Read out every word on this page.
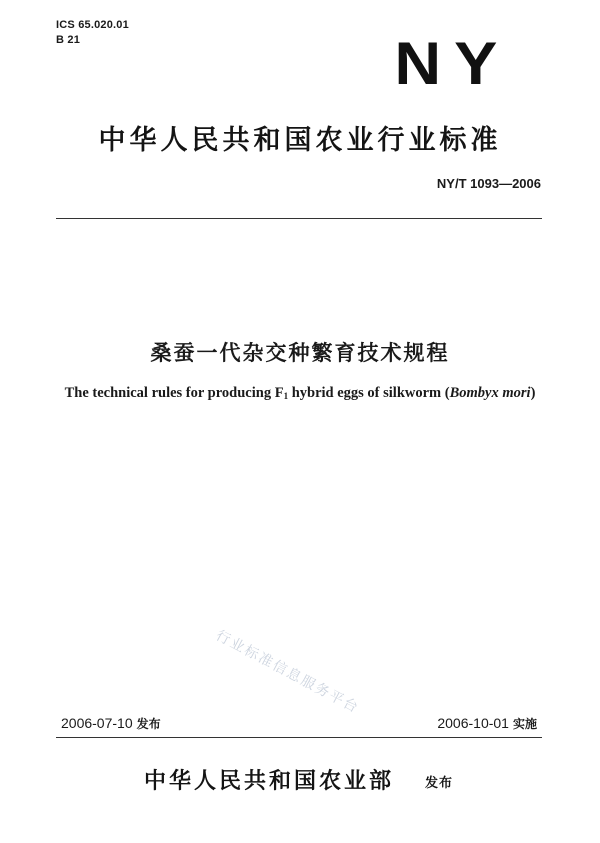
ICS 65.020.01
B 21	NY
中华人民共和国农业行业标准
NY/T 1093—2006
桑蚕一代杂交种繁育技术规程
The technical rules for producing $F_1$ hybrid eggs of silkworm (Bombyx mori)
行业标准信息服务平台
2006-07-10 发布	2006-10-01 实施
中华人民共和国农业部 发布
